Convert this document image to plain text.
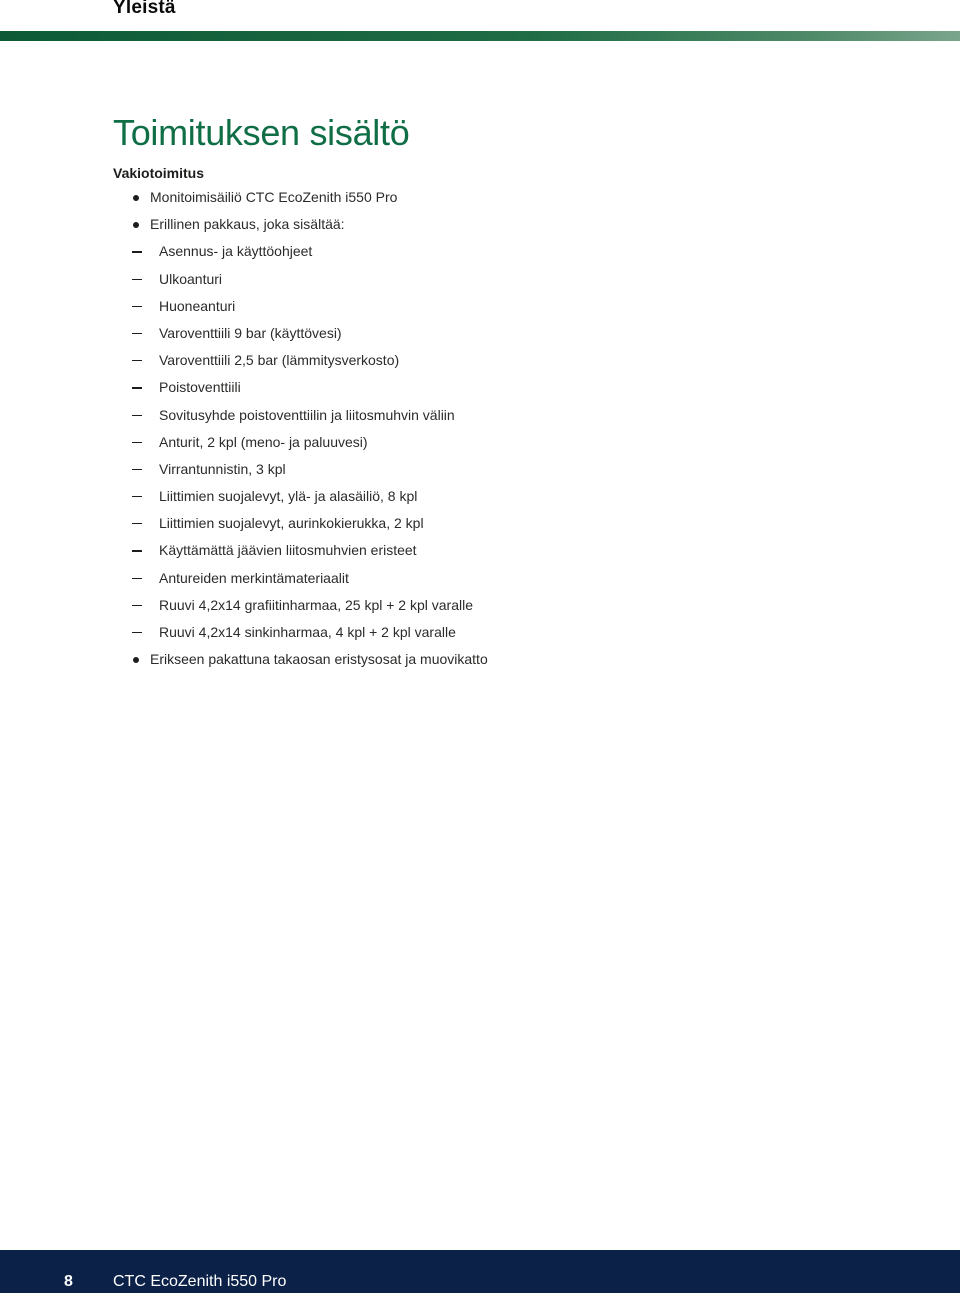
Yleistä
Toimituksen sisältö
Vakiotoimitus
Monitoimisäiliö CTC EcoZenith i550 Pro
Erillinen pakkaus, joka sisältää:
Asennus- ja käyttöohjeet
Ulkoanturi
Huoneanturi
Varoventtiili 9 bar (käyttövesi)
Varoventtiili 2,5 bar (lämmitysverkosto)
Poistoventtiili
Sovitusyhde poistoventtiilin ja liitosmuhvin väliin
Anturit, 2 kpl (meno- ja paluuvesi)
Virrantunnistin, 3 kpl
Liittimien suojalevyt, ylä- ja alasäiliö, 8 kpl
Liittimien suojalevyt, aurinkokierukka, 2 kpl
Käyttämättä jäävien liitosmuhvien eristeet
Antureiden merkintämateriaalit
Ruuvi 4,2x14 grafiitinharmaa, 25 kpl + 2 kpl varalle
Ruuvi 4,2x14 sinkinharmaa, 4 kpl + 2 kpl varalle
Erikseen pakattuna takaosan eristysosat ja muovikatto
8	CTC EcoZenith i550 Pro
